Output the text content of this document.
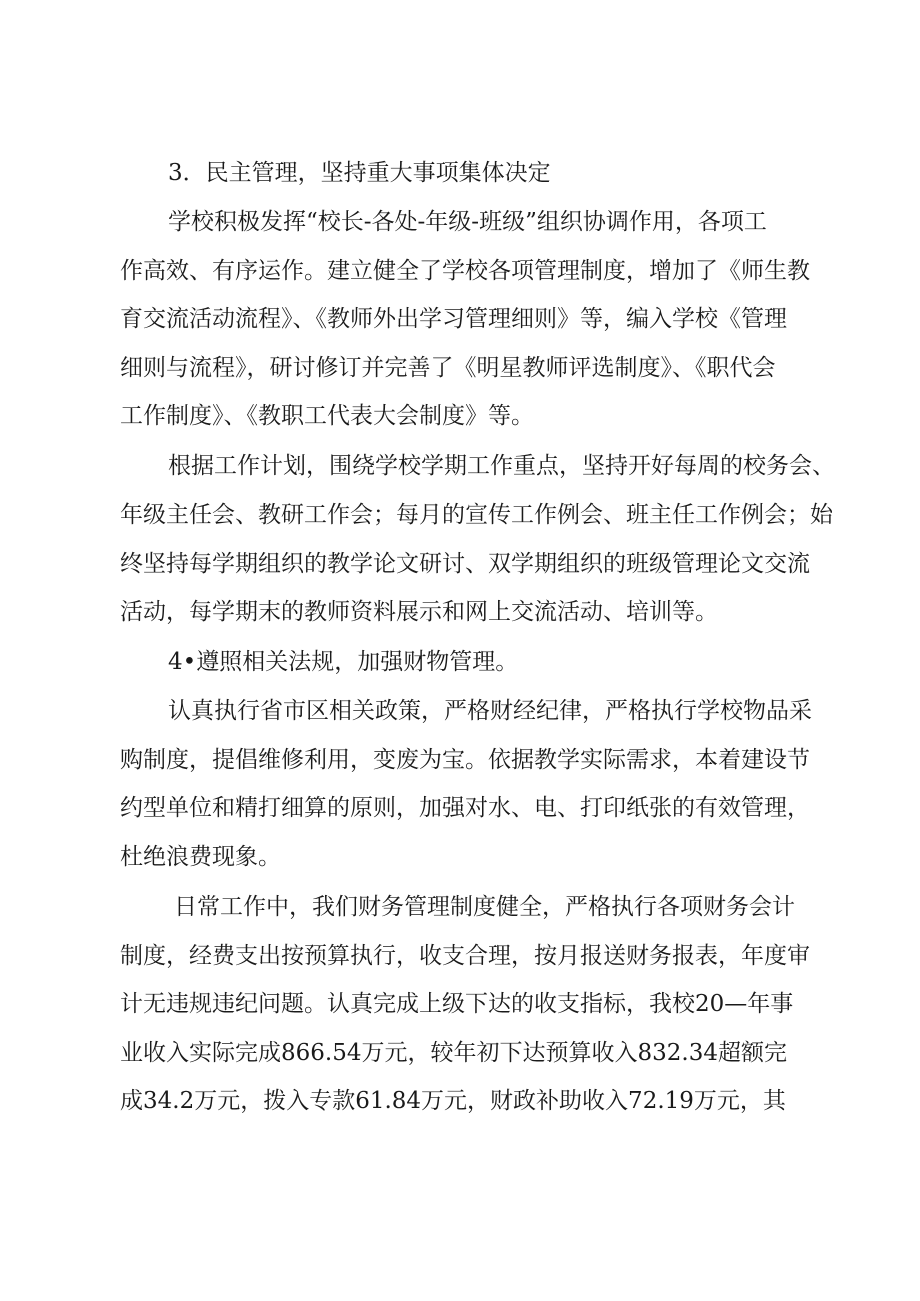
3．民主管理，坚持重大事项集体决定
学校积极发挥“校长-各处-年级-班级”组织协调作用，各项工
作高效、有序运作。建立健全了学校各项管理制度，增加了《师生教
育交流活动流程》、《教师外出学习管理细则》等，编入学校《管理
细则与流程》，研讨修订并完善了《明星教师评选制度》、《职代会
工作制度》、《教职工代表大会制度》等。
根据工作计划，围绕学校学期工作重点，坚持开好每周的校务会、
年级主任会、教研工作会；每月的宣传工作例会、班主任工作例会；始
终坚持每学期组织的教学论文研讨、双学期组织的班级管理论文交流
活动，每学期末的教师资料展示和网上交流活动、培训等。
4•遵照相关法规，加强财物管理。
认真执行省市区相关政策，严格财经纪律，严格执行学校物品采
购制度，提倡维修利用，变废为宝。依据教学实际需求，本着建设节
约型单位和精打细算的原则，加强对水、电、打印纸张的有效管理，
杜绝浪费现象。
日常工作中，我们财务管理制度健全，严格执行各项财务会计
制度，经费支出按预算执行，收支合理，按月报送财务报表，年度审
计无违规违纪问题。认真完成上级下达的收支指标，我校20—年事
业收入实际完成866.54万元，较年初下达预算收入832.34超额完
成34.2万元，拨入专款61.84万元，财政补助收入72.19万元，其
